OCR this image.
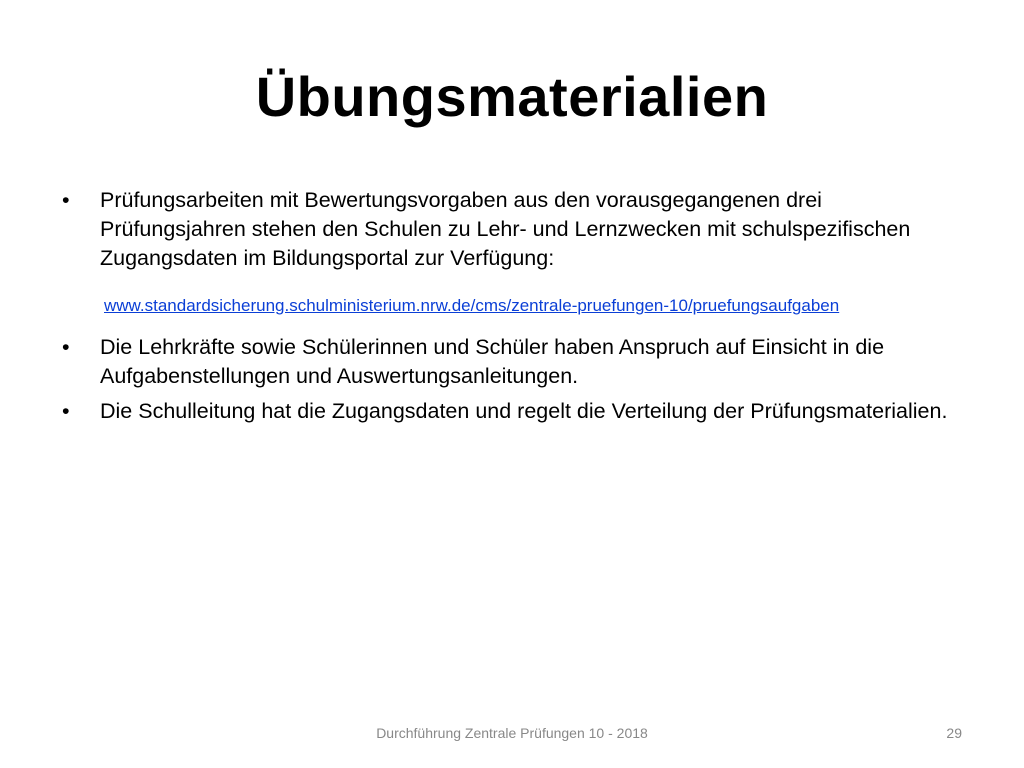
Übungsmaterialien
• Prüfungsarbeiten mit Bewertungsvorgaben aus den vorausgegangenen drei Prüfungsjahren stehen den Schulen zu Lehr- und Lernzwecken mit schulspezifischen Zugangsdaten im Bildungsportal zur Verfügung:
www.standardsicherung.schulministerium.nrw.de/cms/zentrale-pruefungen-10/pruefungsaufgaben
• Die Lehrkräfte sowie Schülerinnen und Schüler haben Anspruch auf Einsicht in die Aufgabenstellungen und Auswertungsanleitungen.
• Die Schulleitung hat die Zugangsdaten und regelt die Verteilung der Prüfungsmaterialien.
Durchführung Zentrale Prüfungen 10 - 2018	29
